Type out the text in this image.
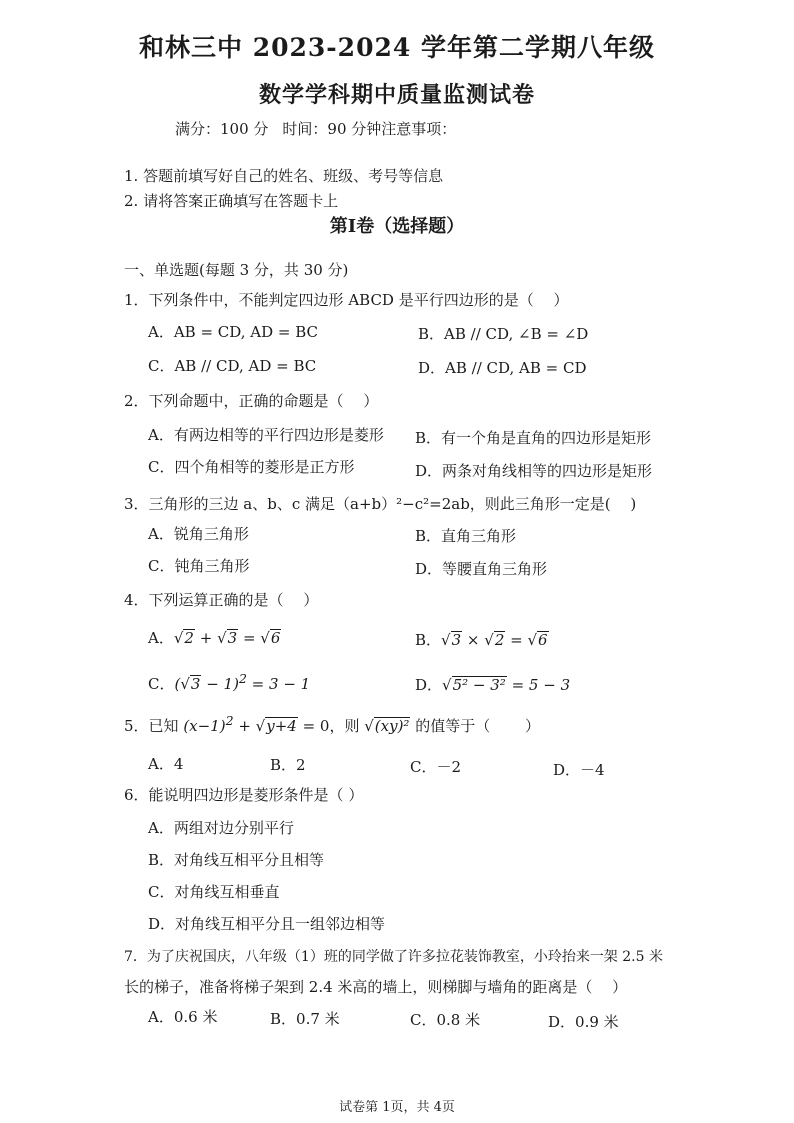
和林三中 2023-2024 学年第二学期八年级
数学学科期中质量监测试卷
满分：100 分 时间：90 分钟注意事项：
1. 答题前填写好自己的姓名、班级、考号等信息
2. 请将答案正确填写在答题卡上
第Ⅰ卷（选择题）
一、单选题(每题 3 分，共 30 分)
1．下列条件中，不能判定四边形 ABCD 是平行四边形的是（　 ）
A．AB = CD, AD = BC	B．AB // CD, ∠B = ∠D
C．AB // CD, AD = BC	D．AB // CD, AB = CD
2．下列命题中，正确的命题是（　 ）
A．有两边相等的平行四边形是菱形 B．有一个角是直角的四边形是矩形
C．四个角相等的菱形是正方形	D．两条对角线相等的四边形是矩形
3．三角形的三边 a、b、c 满足（a+b）²−c²=2ab，则此三角形一定是(　 )
A．锐角三角形	B．直角三角形
C．钝角三角形	D．等腰直角三角形
4．下列运算正确的是（　 ）
A．√2 + √3 = √6	B．√3 × √2 = √6
C．$(√3 - 1)^2 = 3 - 1$	D．√5² − 3² = 5 − 3
5．已知 $(x-1)^2 + √y+4 = 0$，则 √(xy)² 的值等于（　 　）
A．4	B．2	C．－2	D．－4
6．能说明四边形是菱形条件是（ ）
A．两组对边分别平行
B．对角线互相平分且相等
C．对角线互相垂直
D．对角线互相平分且一组邻边相等
7．为了庆祝国庆，八年级（1）班的同学做了许多拉花装饰教室，小玲抬来一架 2.5 米
长的梯子，准备将梯子架到 2.4 米高的墙上，则梯脚与墙角的距离是（　 ）
A．0.6 米	B．0.7 米	C．0.8 米	D．0.9 米
试卷第 1页，共 4页
